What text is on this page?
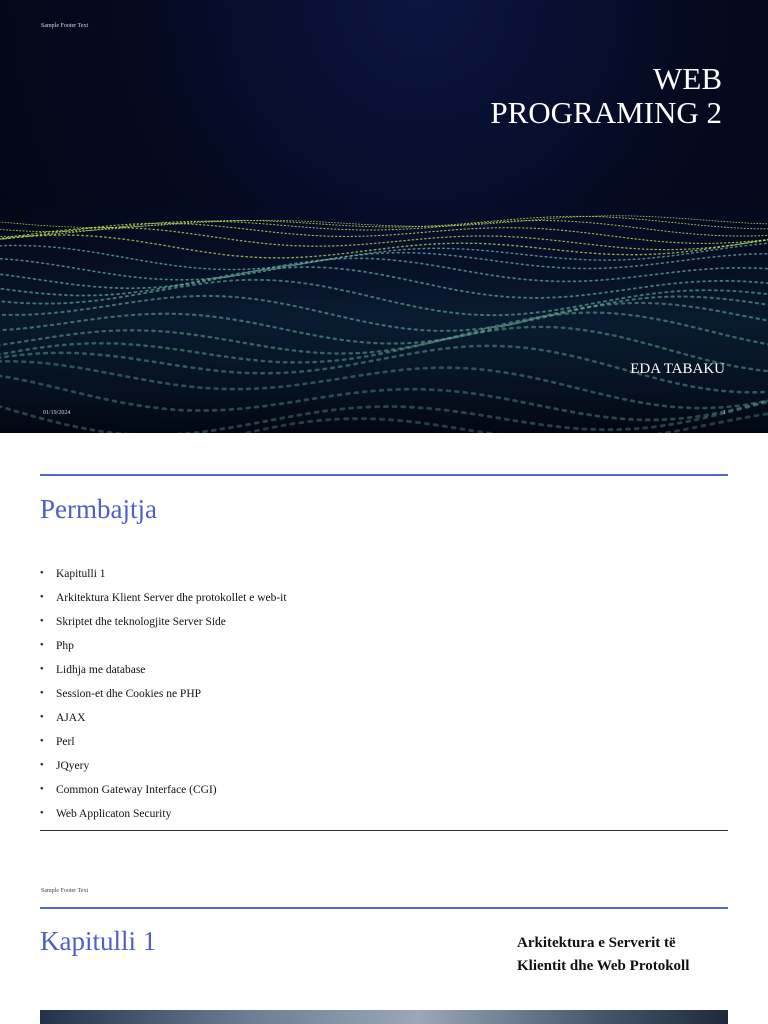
Sample Footer Text
WEB
PROGRAMING 2
EDA TABAKU
01/19/2024	1
Permbajtja
• Kapitulli 1
• Arkitektura Klient Server dhe protokollet e web-it
• Skriptet dhe teknologjite Server Side
• Php
• Lidhja me database
• Session-et dhe Cookies ne PHP
• AJAX
• Perl
• JQyery
• Common Gateway Interface (CGI)
• Web Applicaton Security
Sample Footer Text
Kapitulli 1	Arkitektura e Serverit të
Klientit dhe Web Protokoll
